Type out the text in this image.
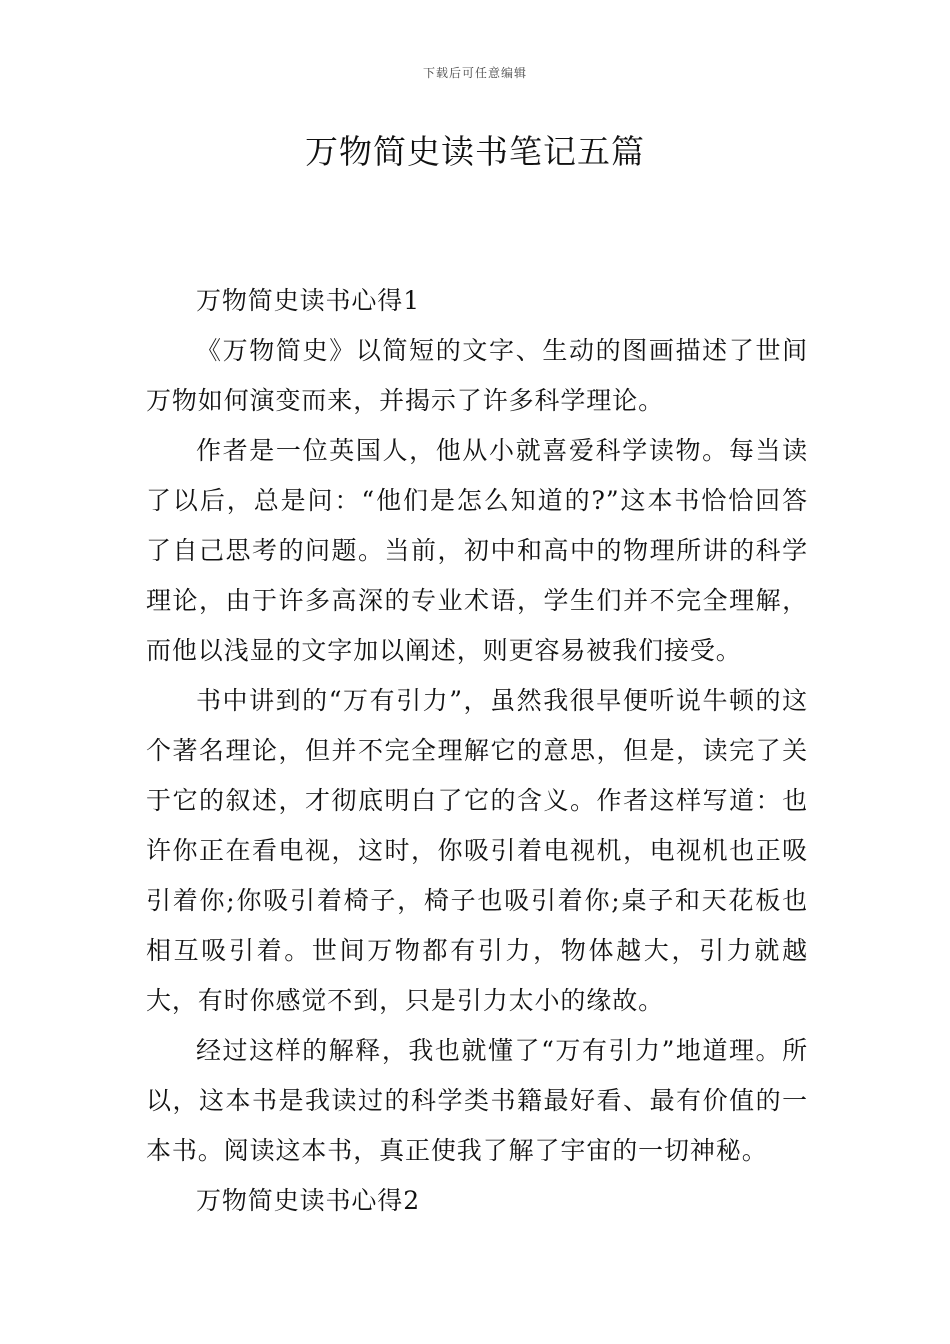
下载后可任意编辑
万物简史读书笔记五篇

万物简史读书心得1

《万物简史》以简短的文字、生动的图画描述了世间万物如何演变而来，并揭示了许多科学理论。

作者是一位英国人，他从小就喜爱科学读物。每当读了以后，总是问：“他们是怎么知道的?”这本书恰恰回答了自己思考的问题。当前，初中和高中的物理所讲的科学理论，由于许多高深的专业术语，学生们并不完全理解，而他以浅显的文字加以阐述，则更容易被我们接受。

书中讲到的“万有引力”，虽然我很早便听说牛顿的这个著名理论，但并不完全理解它的意思，但是，读完了关于它的叙述，才彻底明白了它的含义。作者这样写道：也许你正在看电视，这时，你吸引着电视机，电视机也正吸引着你;你吸引着椅子，椅子也吸引着你;桌子和天花板也相互吸引着。世间万物都有引力，物体越大，引力就越大，有时你感觉不到，只是引力太小的缘故。

经过这样的解释，我也就懂了“万有引力”地道理。所以，这本书是我读过的科学类书籍最好看、最有价值的一本书。阅读这本书，真正使我了解了宇宙的一切神秘。

万物简史读书心得2
